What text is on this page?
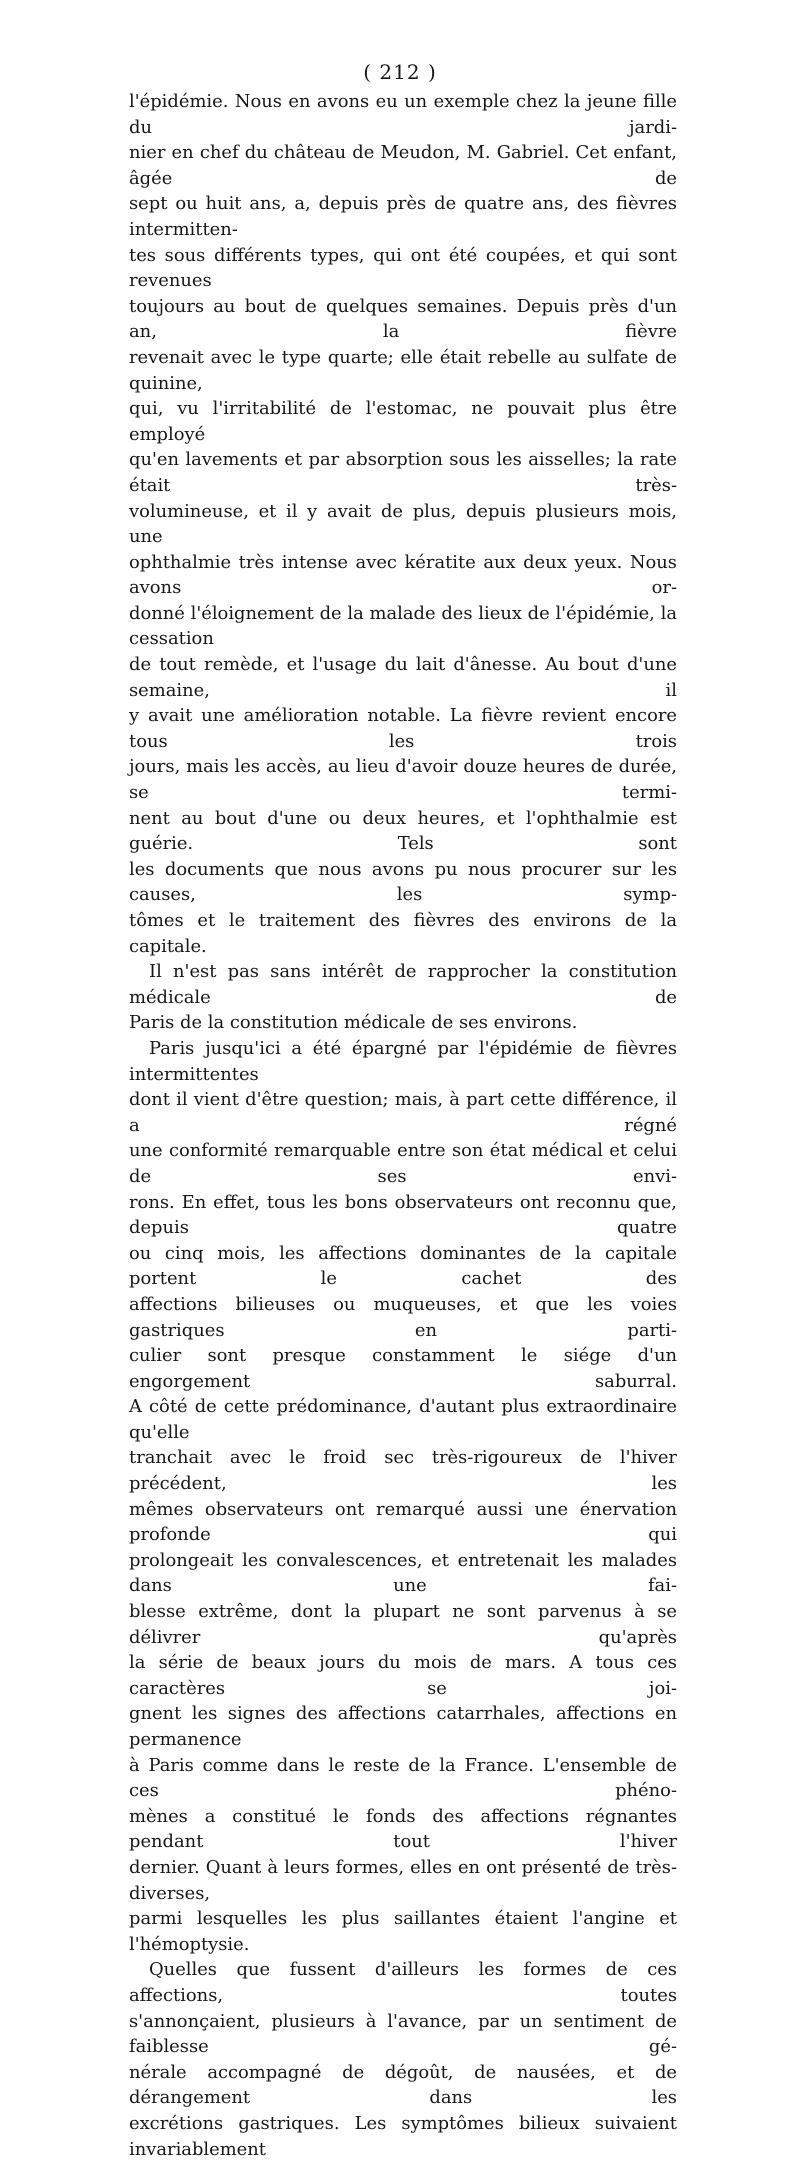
( 212 )

l'épidémie. Nous en avons eu un exemple chez la jeune fille du jardi-

nier en chef du château de Meudon, M. Gabriel. Cet enfant, âgée de

sept ou huit ans, a, depuis près de quatre ans, des fièvres intermitten-

tes sous différents types, qui ont été coupées, et qui sont revenues

toujours au bout de quelques semaines. Depuis près d'un an, la fièvre

revenait avec le type quarte; elle était rebelle au sulfate de quinine,

qui, vu l'irritabilité de l'estomac, ne pouvait plus être employé

qu'en lavements et par absorption sous les aisselles; la rate était très-

volumineuse, et il y avait de plus, depuis plusieurs mois, une

ophthalmie très intense avec kératite aux deux yeux. Nous avons or-

donné l'éloignement de la malade des lieux de l'épidémie, la cessation

de tout remède, et l'usage du lait d'ânesse. Au bout d'une semaine, il

y avait une amélioration notable. La fièvre revient encore tous les trois

jours, mais les accès, au lieu d'avoir douze heures de durée, se termi-

nent au bout d'une ou deux heures, et l'ophthalmie est guérie. Tels sont

les documents que nous avons pu nous procurer sur les causes, les symp-

tômes et le traitement des fièvres des environs de la capitale.

Il n'est pas sans intérêt de rapprocher la constitution médicale de

Paris de la constitution médicale de ses environs.

Paris jusqu'ici a été épargné par l'épidémie de fièvres intermittentes

dont il vient d'être question; mais, à part cette différence, il a régné

une conformité remarquable entre son état médical et celui de ses envi-

rons. En effet, tous les bons observateurs ont reconnu que, depuis quatre

ou cinq mois, les affections dominantes de la capitale portent le cachet des

affections bilieuses ou muqueuses, et que les voies gastriques en parti-

culier sont presque constamment le siége d'un engorgement saburral.

A côté de cette prédominance, d'autant plus extraordinaire qu'elle

tranchait avec le froid sec très-rigoureux de l'hiver précédent, les

mêmes observateurs ont remarqué aussi une énervation profonde qui

prolongeait les convalescences, et entretenait les malades dans une fai-

blesse extrême, dont la plupart ne sont parvenus à se délivrer qu'après

la série de beaux jours du mois de mars. A tous ces caractères se joi-

gnent les signes des affections catarrhales, affections en permanence

à Paris comme dans le reste de la France. L'ensemble de ces phéno-

mènes a constitué le fonds des affections régnantes pendant tout l'hiver

dernier. Quant à leurs formes, elles en ont présenté de très-diverses,

parmi lesquelles les plus saillantes étaient l'angine et l'hémoptysie.

Quelles que fussent d'ailleurs les formes de ces affections, toutes

s'annonçaient, plusieurs à l'avance, par un sentiment de faiblesse gé-

nérale accompagné de dégoût, de nausées, et de dérangement dans les

excrétions gastriques. Les symptômes bilieux suivaient invariablement
